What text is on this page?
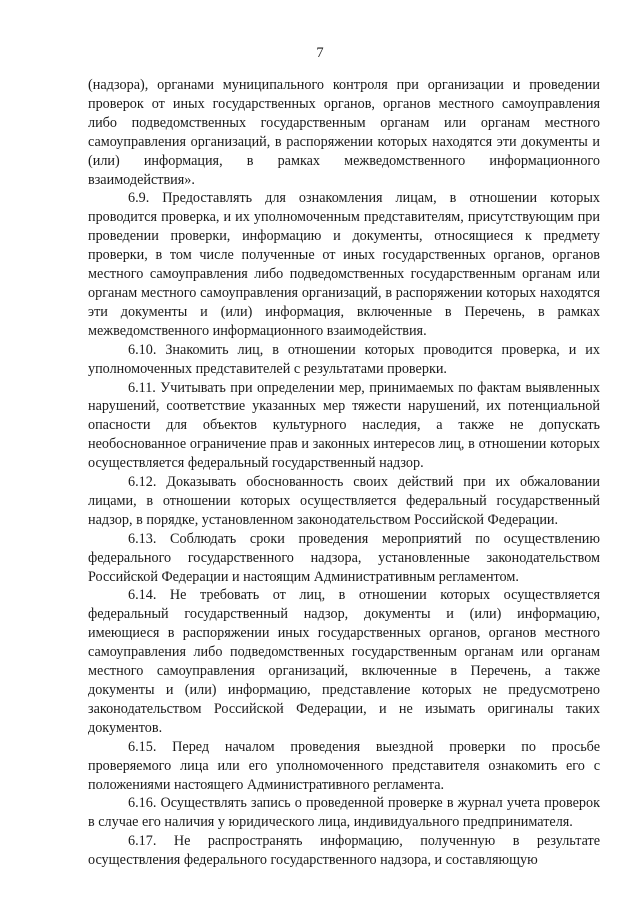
7

(надзора), органами муниципального контроля при организации и проведении проверок от иных государственных органов, органов местного самоуправления либо подведомственных государственным органам или органам местного самоуправления организаций, в распоряжении которых находятся эти документы и (или) информация, в рамках межведомственного информационного взаимодействия».

6.9. Предоставлять для ознакомления лицам, в отношении которых проводится проверка, и их уполномоченным представителям, присутствующим при проведении проверки, информацию и документы, относящиеся к предмету проверки, в том числе полученные от иных государственных органов, органов местного самоуправления либо подведомственных государственным органам или органам местного самоуправления организаций, в распоряжении которых находятся эти документы и (или) информация, включенные в Перечень, в рамках межведомственного информационного взаимодействия.

6.10. Знакомить лиц, в отношении которых проводится проверка, и их уполномоченных представителей с результатами проверки.

6.11. Учитывать при определении мер, принимаемых по фактам выявленных нарушений, соответствие указанных мер тяжести нарушений, их потенциальной опасности для объектов культурного наследия, а также не допускать необоснованное ограничение прав и законных интересов лиц, в отношении которых осуществляется федеральный государственный надзор.

6.12. Доказывать обоснованность своих действий при их обжаловании лицами, в отношении которых осуществляется федеральный государственный надзор, в порядке, установленном законодательством Российской Федерации.

6.13. Соблюдать сроки проведения мероприятий по осуществлению федерального государственного надзора, установленные законодательством Российской Федерации и настоящим Административным регламентом.

6.14. Не требовать от лиц, в отношении которых осуществляется федеральный государственный надзор, документы и (или) информацию, имеющиеся в распоряжении иных государственных органов, органов местного самоуправления либо подведомственных государственным органам или органам местного самоуправления организаций, включенные в Перечень, а также документы и (или) информацию, представление которых не предусмотрено законодательством Российской Федерации, и не изымать оригиналы таких документов.

6.15. Перед началом проведения выездной проверки по просьбе проверяемого лица или его уполномоченного представителя ознакомить его с положениями настоящего Административного регламента.

6.16. Осуществлять запись о проведенной проверке в журнал учета проверок в случае его наличия у юридического лица, индивидуального предпринимателя.

6.17. Не распространять информацию, полученную в результате осуществления федерального государственного надзора, и составляющую
